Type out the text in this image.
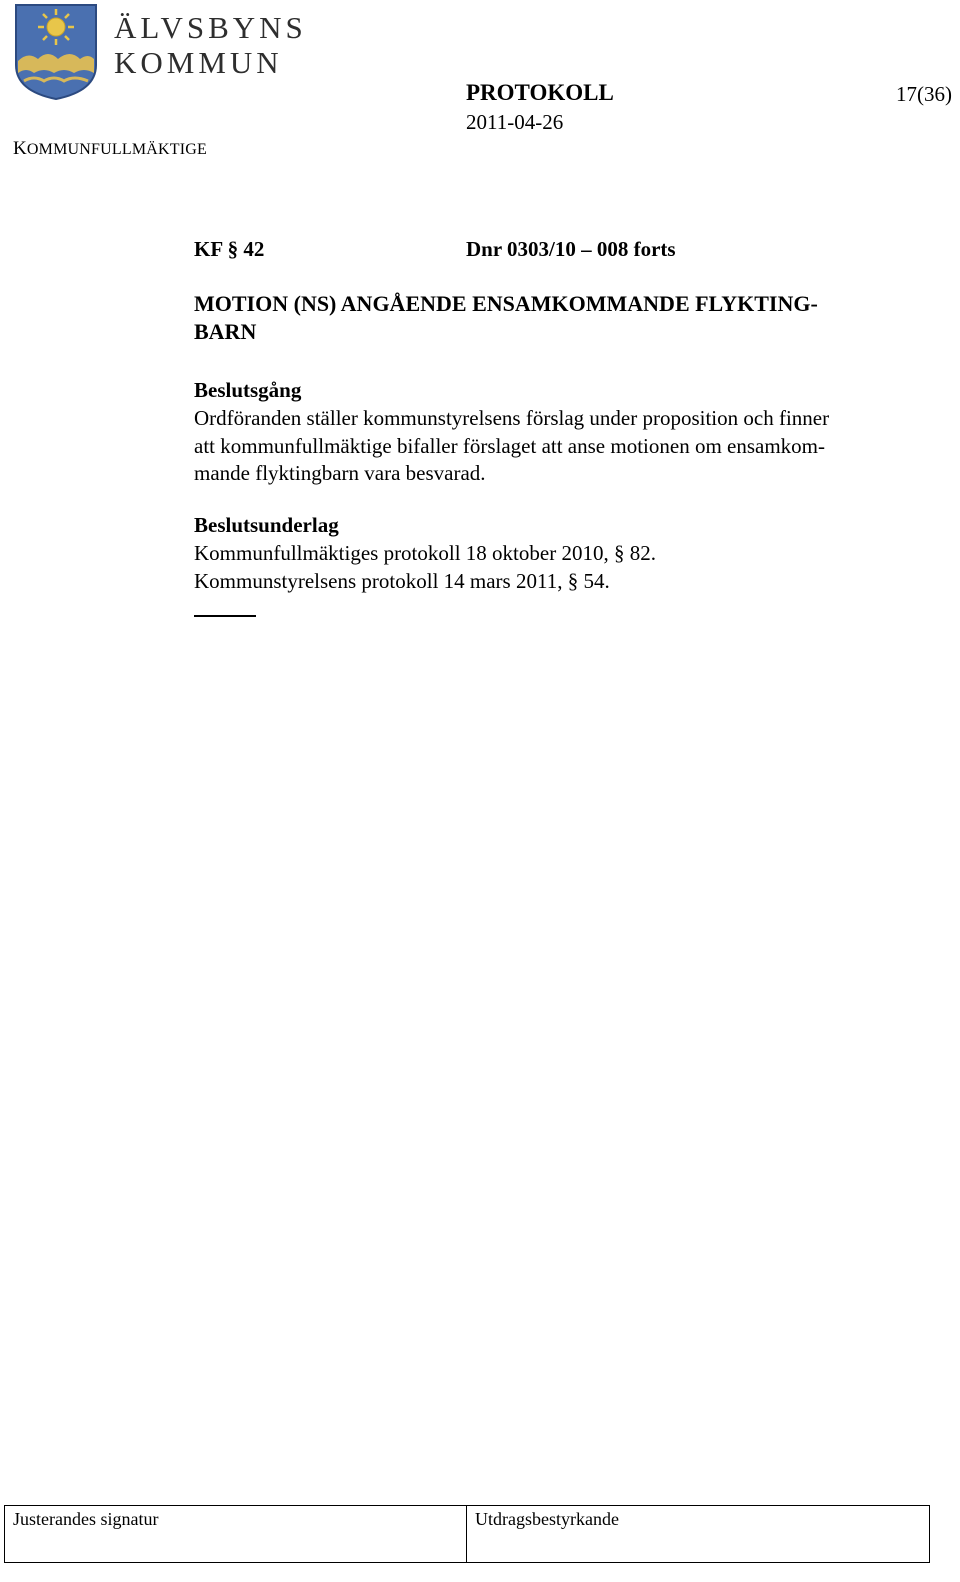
ÄLVSBYNS
KOMMUN
KOMMUNFULLMÄKTIGE
PROTOKOLL
2011-04-26
17(36)
KF § 42	Dnr 0303/10 – 008 forts
MOTION (NS) ANGÅENDE ENSAMKOMMANDE FLYKTING-
BARN
Beslutsgång
Ordföranden ställer kommunstyrelsens förslag under proposition och finner
att kommunfullmäktige bifaller förslaget att anse motionen om ensamkom-
mande flyktingbarn vara besvarad.
Beslutsunderlag
Kommunfullmäktiges protokoll 18 oktober 2010, § 82.
Kommunstyrelsens protokoll 14 mars 2011, § 54.
Justerandes signatur	Utdragsbestyrkande
